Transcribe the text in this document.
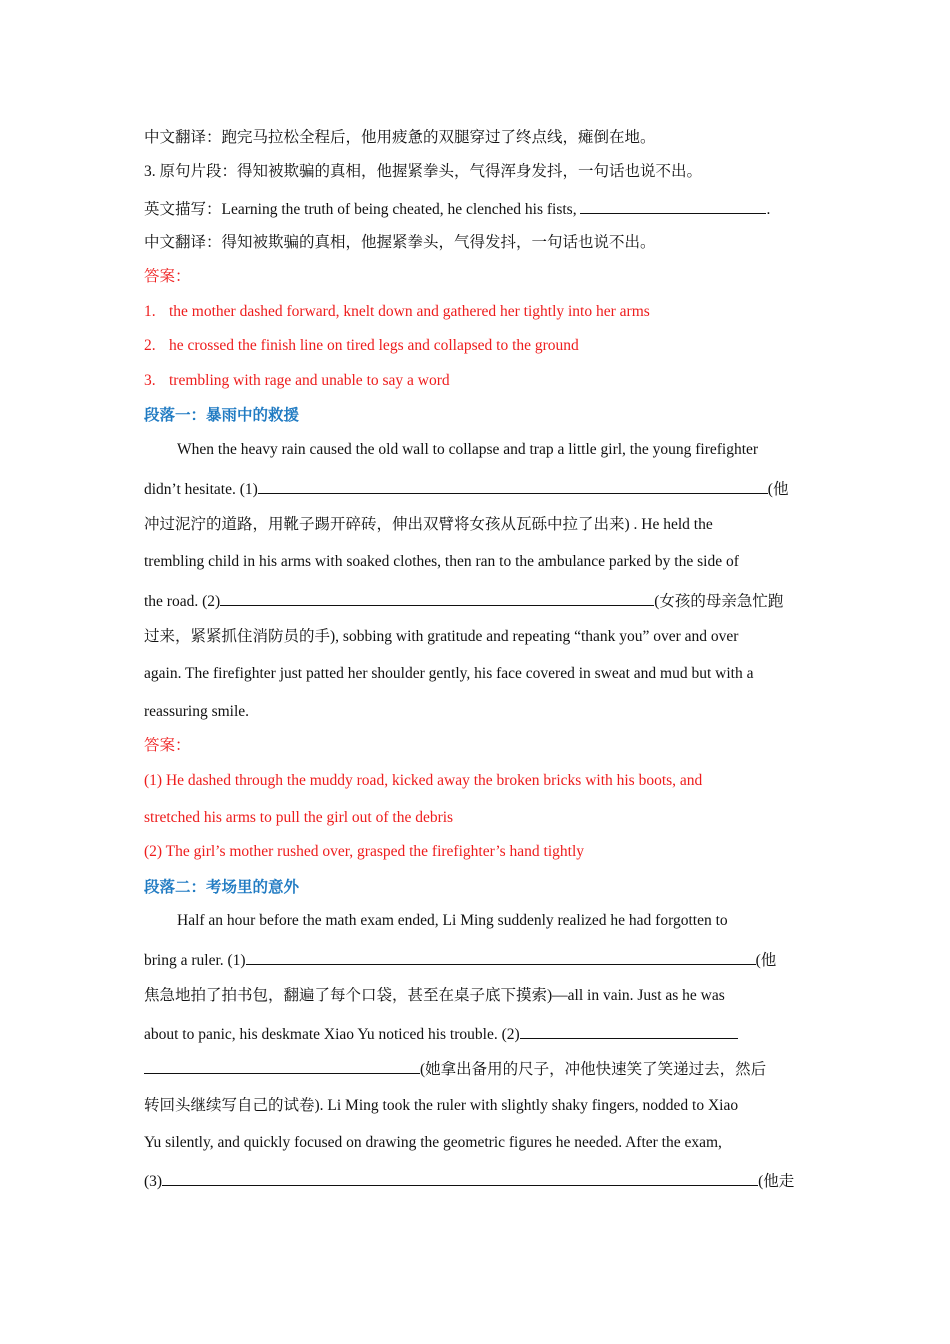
中文翻译：跑完马拉松全程后，他用疲惫的双腿穿过了终点线，瘫倒在地。
3. 原句片段：得知被欺骗的真相，他握紧拳头，气得浑身发抖，一句话也说不出。
英文描写：Learning the truth of being cheated, he clenched his fists,	.
中文翻译：得知被欺骗的真相，他握紧拳头，气得发抖，一句话也说不出。
答案：
1. the mother dashed forward, knelt down and gathered her tightly into her arms
2. he crossed the finish line on tired legs and collapsed to the ground
3. trembling with rage and unable to say a word
段落一：暴雨中的救援
When the heavy rain caused the old wall to collapse and trap a little girl, the young firefighter
didn’t hesitate. (1)	(他
冲过泥泞的道路，用靴子踢开碎砖，伸出双臂将女孩从瓦砾中拉了出来) . He held the
trembling child in his arms with soaked clothes, then ran to the ambulance parked by the side of
the road. (2)	(女孩的母亲急忙跑
过来，紧紧抓住消防员的手), sobbing with gratitude and repeating “thank you” over and over
again. The firefighter just patted her shoulder gently, his face covered in sweat and mud but with a
reassuring smile.
答案：
(1) He dashed through the muddy road, kicked away the broken bricks with his boots, and
stretched his arms to pull the girl out of the debris
(2) The girl’s mother rushed over, grasped the firefighter’s hand tightly
段落二：考场里的意外
Half an hour before the math exam ended, Li Ming suddenly realized he had forgotten to
bring a ruler. (1)	(他
焦急地拍了拍书包，翻遍了每个口袋，甚至在桌子底下摸索)—all in vain. Just as he was
about to panic, his deskmate Xiao Yu noticed his trouble. (2)
(她拿出备用的尺子，冲他快速笑了笑递过去，然后
转回头继续写自己的试卷). Li Ming took the ruler with slightly shaky fingers, nodded to Xiao
Yu silently, and quickly focused on drawing the geometric figures he needed. After the exam,
(3)	(他走
